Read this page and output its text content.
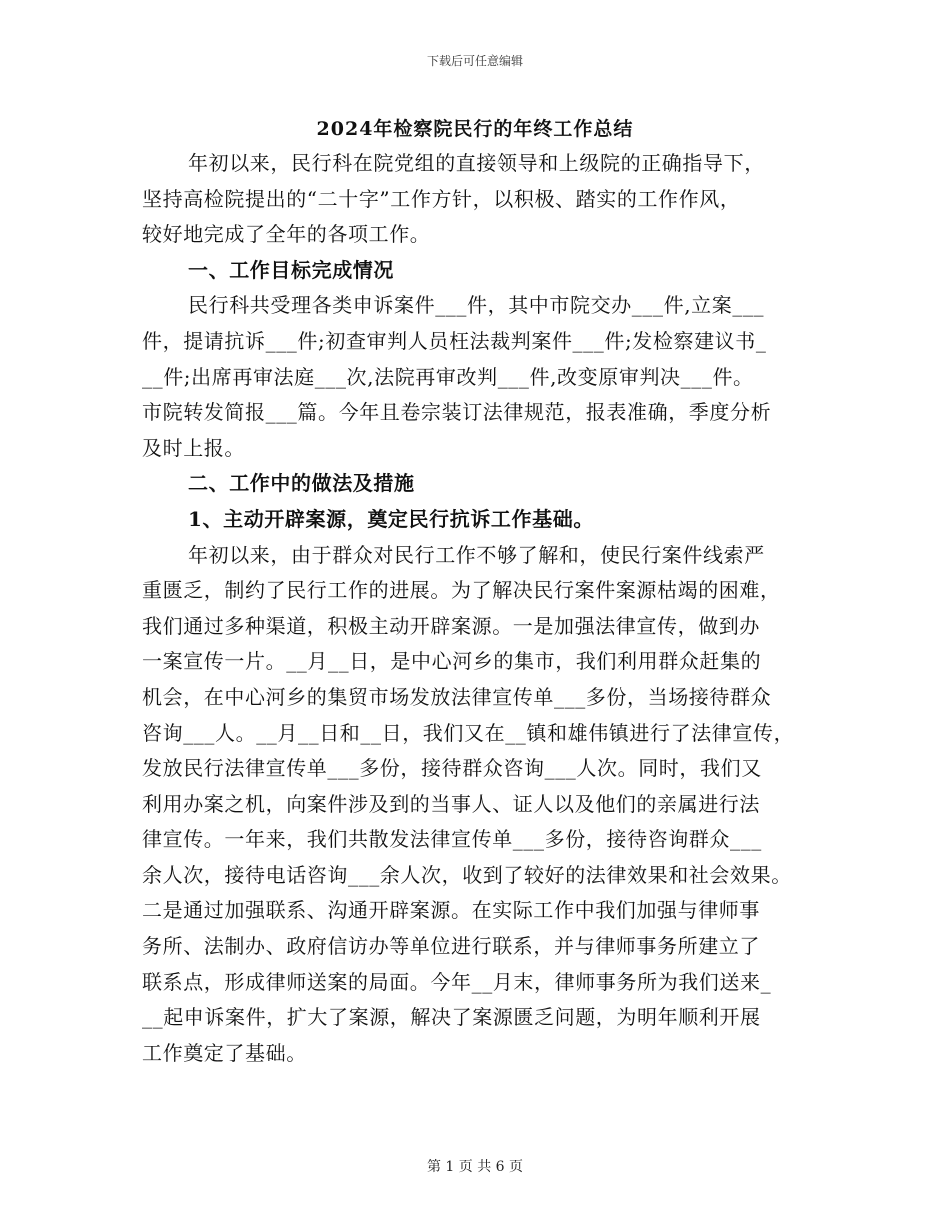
下载后可任意编辑
2024年检察院民行的年终工作总结
年初以来，民行科在院党组的直接领导和上级院的正确指导下，
坚持高检院提出的“二十字”工作方针，以积极、踏实的工作作风，
较好地完成了全年的各项工作。
一、工作目标完成情况
民行科共受理各类申诉案件___件，其中市院交办___件,立案___
件，提请抗诉___件;初查审判人员枉法裁判案件___件;发检察建议书_
__件;出席再审法庭___次,法院再审改判___件,改变原审判决___件。
市院转发简报___篇。今年且卷宗装订法律规范，报表准确，季度分析
及时上报。
二、工作中的做法及措施
1、主动开辟案源，奠定民行抗诉工作基础。
年初以来，由于群众对民行工作不够了解和，使民行案件线索严
重匮乏，制约了民行工作的进展。为了解决民行案件案源枯竭的困难，
我们通过多种渠道，积极主动开辟案源。一是加强法律宣传，做到办
一案宣传一片。__月__日，是中心河乡的集市，我们利用群众赶集的
机会，在中心河乡的集贸市场发放法律宣传单___多份，当场接待群众
咨询___人。__月__日和__日，我们又在__镇和雄伟镇进行了法律宣传，
发放民行法律宣传单___多份，接待群众咨询___人次。同时，我们又
利用办案之机，向案件涉及到的当事人、证人以及他们的亲属进行法
律宣传。一年来，我们共散发法律宣传单___多份，接待咨询群众___
余人次，接待电话咨询___余人次，收到了较好的法律效果和社会效果。
二是通过加强联系、沟通开辟案源。在实际工作中我们加强与律师事
务所、法制办、政府信访办等单位进行联系，并与律师事务所建立了
联系点，形成律师送案的局面。今年__月末，律师事务所为我们送来_
__起申诉案件，扩大了案源，解决了案源匮乏问题，为明年顺利开展
工作奠定了基础。
第 1 页 共 6 页
